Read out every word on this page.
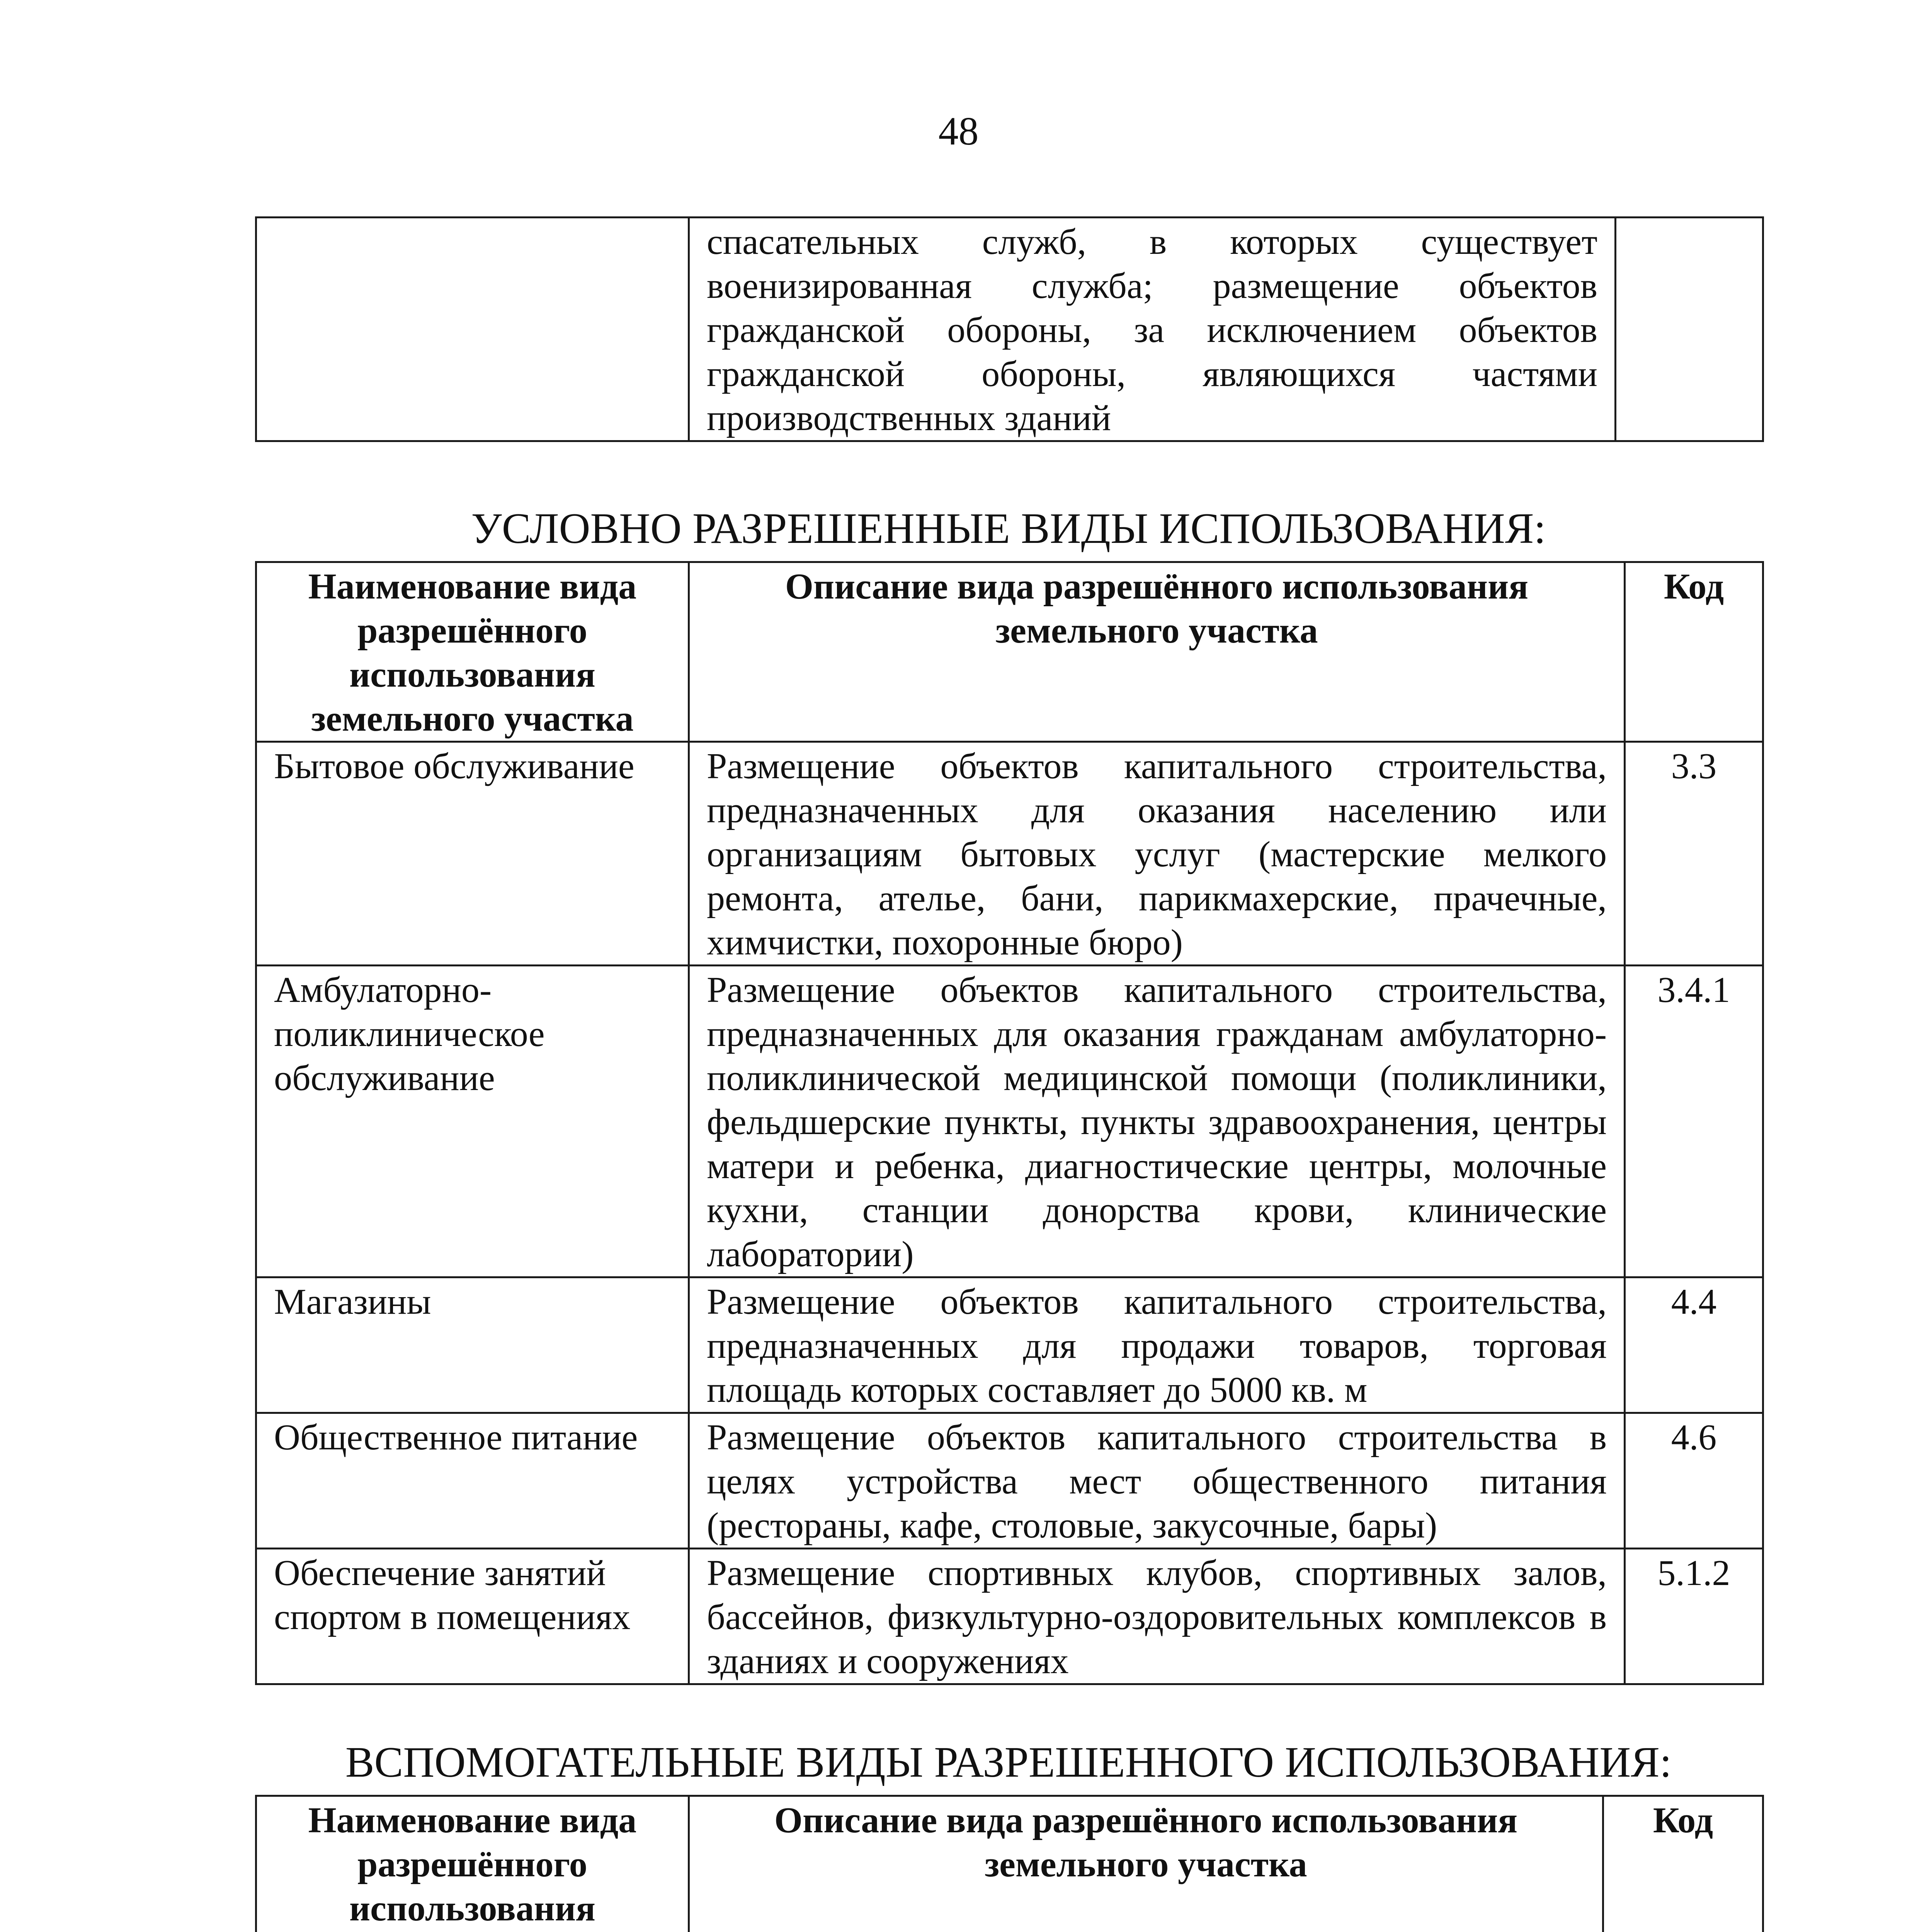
48
	спасательных служб, в которых существует военизированная служба; размещение объектов гражданской обороны, за исключением объектов гражданской обороны, являющихся частями производственных зданий	
УСЛОВНО РАЗРЕШЕННЫЕ ВИДЫ ИСПОЛЬЗОВАНИЯ:
Наименование вида разрешённого использования земельного участка	Описание вида разрешённого использования земельного участка	Код
Бытовое обслуживание	Размещение объектов капитального строительства, предназначенных для оказания населению или организациям бытовых услуг (мастерские мелкого ремонта, ателье, бани, парикмахерские, прачечные, химчистки, похоронные бюро)	3.3
Амбулаторно-поликлиническое обслуживание	Размещение объектов капитального строительства, предназначенных для оказания гражданам амбулаторно-поликлинической медицинской помощи (поликлиники, фельдшерские пункты, пункты здравоохранения, центры матери и ребенка, диагностические центры, молочные кухни, станции донорства крови, клинические лаборатории)	3.4.1
Магазины	Размещение объектов капитального строительства, предназначенных для продажи товаров, торговая площадь которых составляет до 5000 кв. м	4.4
Общественное питание	Размещение объектов капитального строительства в целях устройства мест общественного питания (рестораны, кафе, столовые, закусочные, бары)	4.6
Обеспечение занятий спортом в помещениях	Размещение спортивных клубов, спортивных залов, бассейнов, физкультурно-оздоровительных комплексов в зданиях и сооружениях	5.1.2
ВСПОМОГАТЕЛЬНЫЕ ВИДЫ РАЗРЕШЕННОГО ИСПОЛЬЗОВАНИЯ:
Наименование вида разрешённого использования	Описание вида разрешённого использования земельного участка	Код
